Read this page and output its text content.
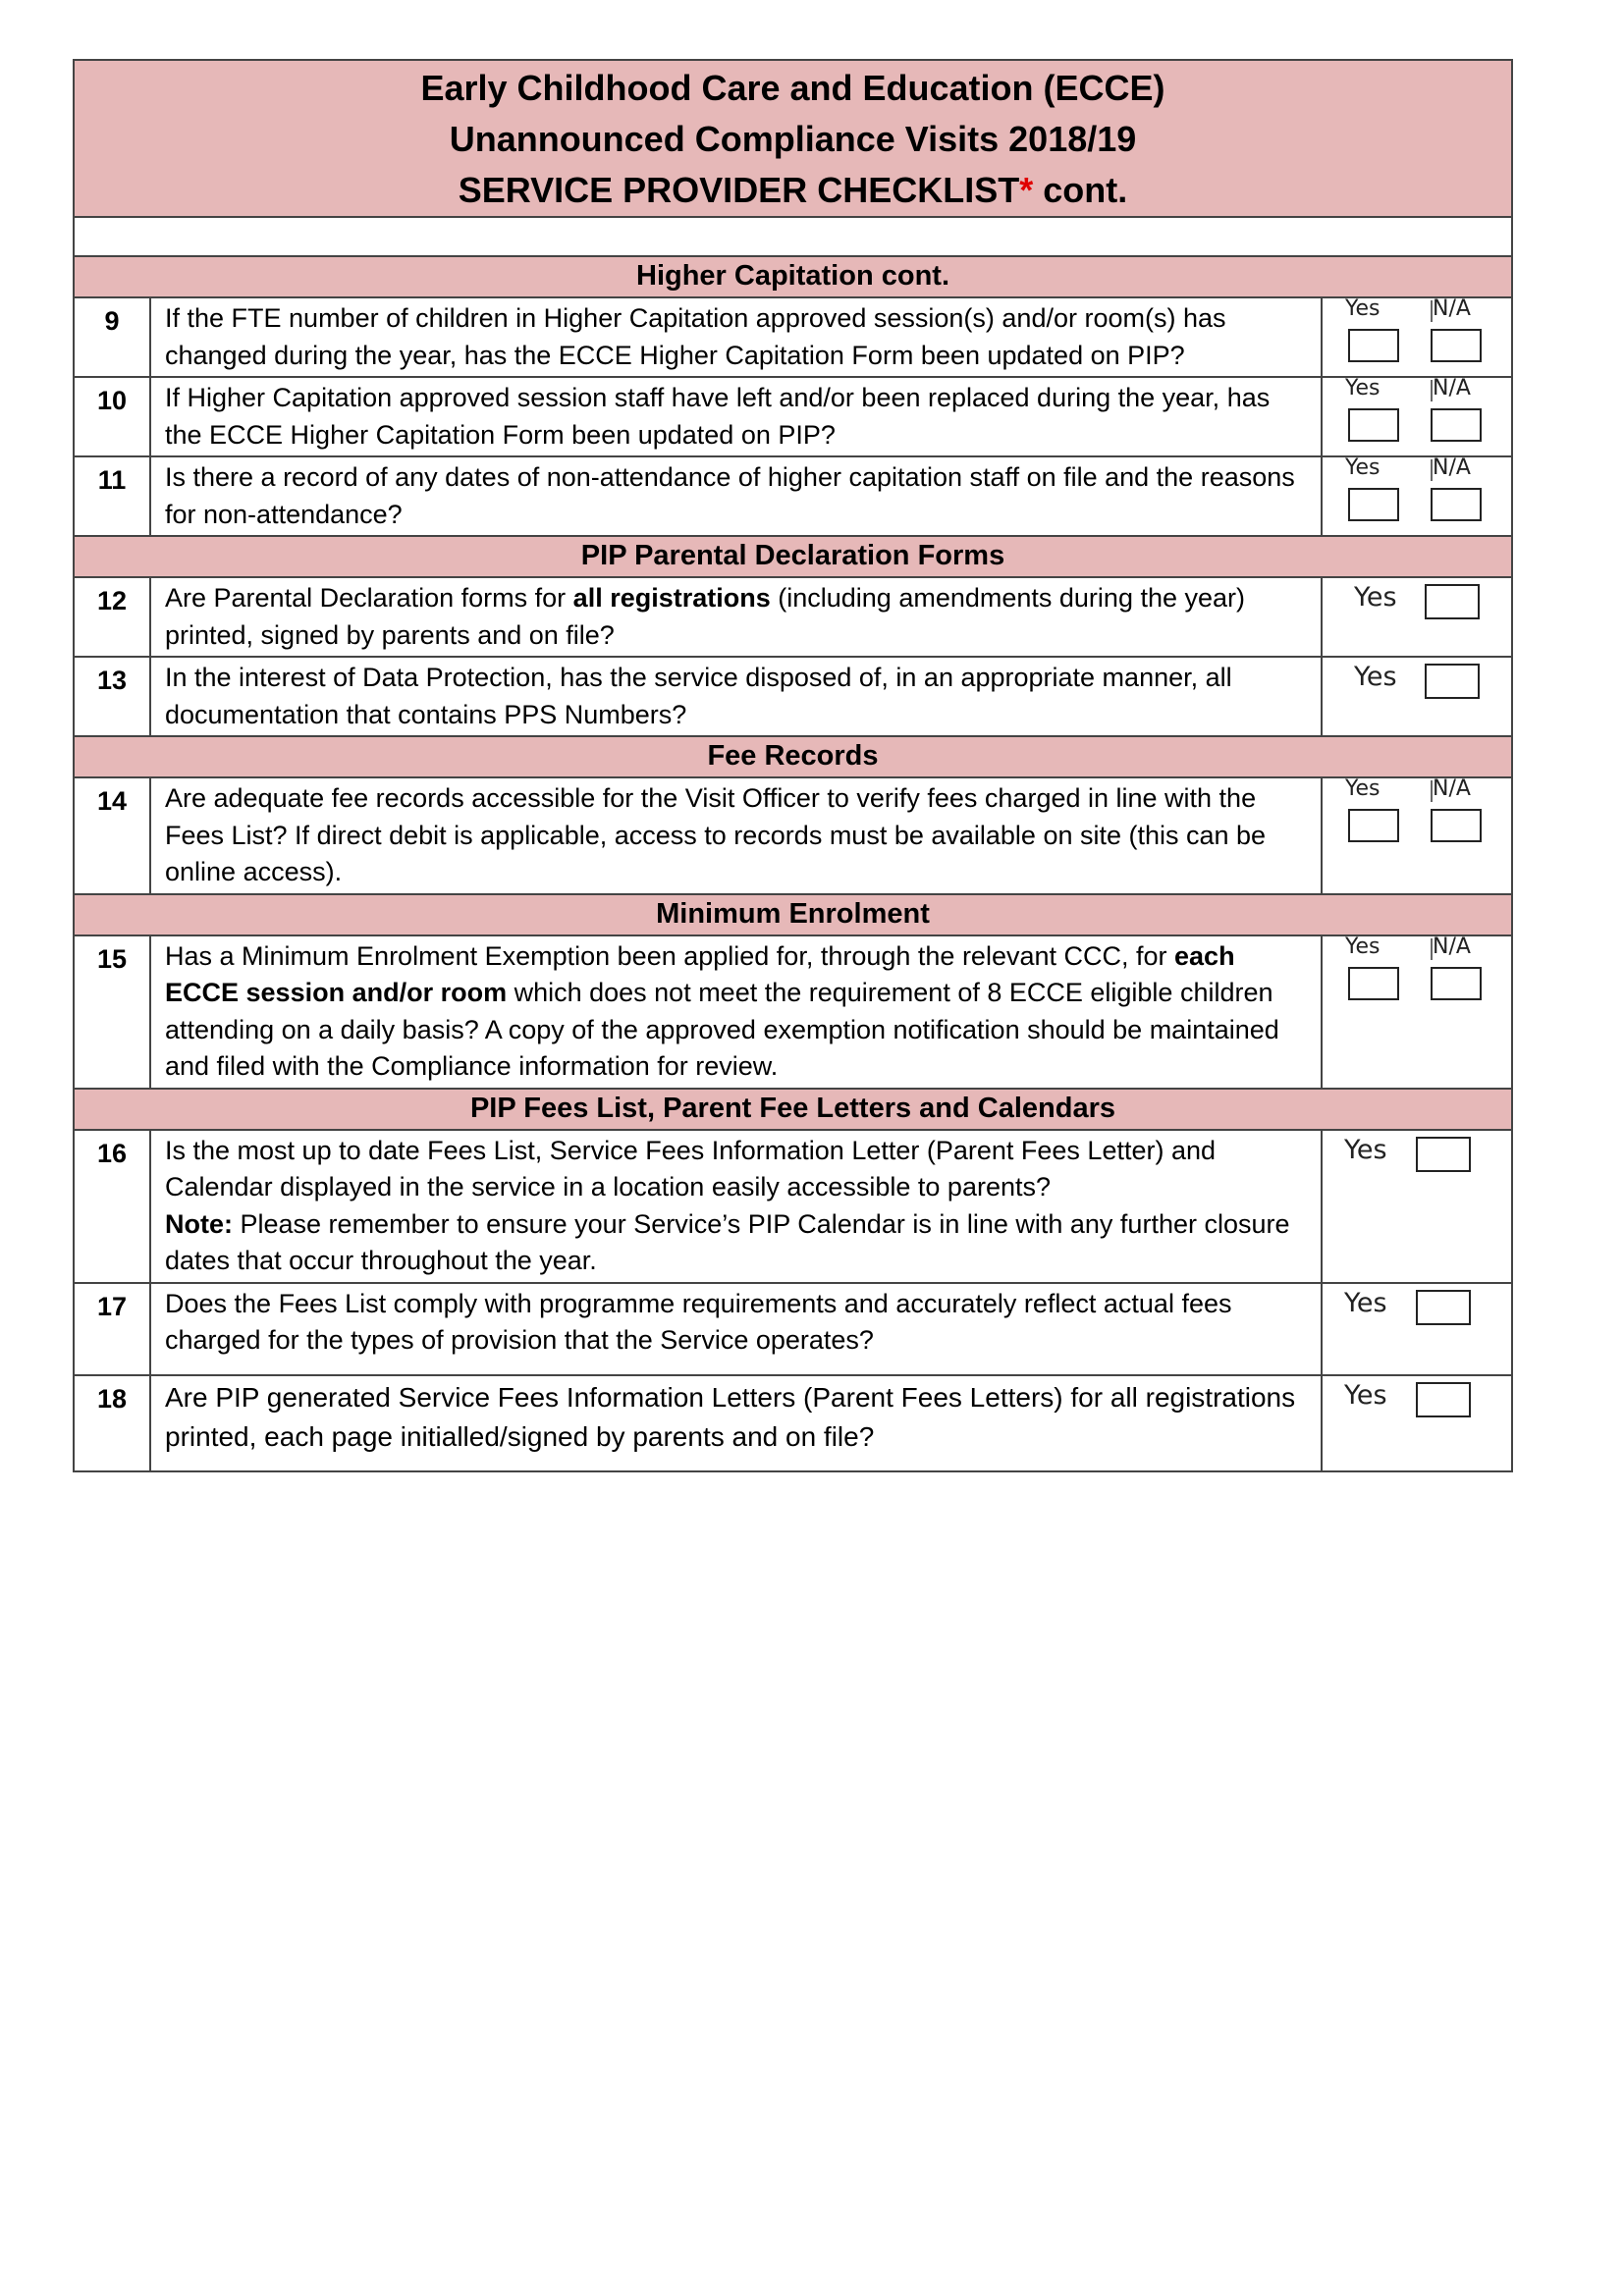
Early Childhood Care and Education (ECCE)
Unannounced Compliance Visits 2018/19
SERVICE PROVIDER CHECKLIST* cont.		

Higher Capitation cont.		
9	If the FTE number of children in Higher Capitation approved session(s) and/or room(s) has changed during the year, has the ECCE Higher Capitation Form been updated on PIP?	Yes N/A

10	If Higher Capitation approved session staff have left and/or been replaced during the year, has the ECCE Higher Capitation Form been updated on PIP?	Yes N/A

11	Is there a record of any dates of non-attendance of higher capitation staff on file and the reasons for non-attendance?	Yes N/A

PIP Parental Declaration Forms		
12	Are Parental Declaration forms for all registrations (including amendments during the year) printed, signed by parents and on file?	Yes

13	In the interest of Data Protection, has the service disposed of, in an appropriate manner, all documentation that contains PPS Numbers?	Yes

Fee Records		
14	Are adequate fee records accessible for the Visit Officer to verify fees charged in line with the Fees List? If direct debit is applicable, access to records must be available on site (this can be online access).	Yes N/A

Minimum Enrolment		
15	Has a Minimum Enrolment Exemption been applied for, through the relevant CCC, for each ECCE session and/or room which does not meet the requirement of 8 ECCE eligible children attending on a daily basis? A copy of the approved exemption notification should be maintained and filed with the Compliance information for review.	Yes N/A

PIP Fees List, Parent Fee Letters and Calendars		
16	Is the most up to date Fees List, Service Fees Information Letter (Parent Fees Letter) and Calendar displayed in the service in a location easily accessible to parents?
Note: Please remember to ensure your Service’s PIP Calendar is in line with any further closure dates that occur throughout the year.	Yes

17	Does the Fees List comply with programme requirements and accurately reflect actual fees charged for the types of provision that the Service operates?	Yes

18	Are PIP generated Service Fees Information Letters (Parent Fees Letters) for all registrations printed, each page initialled/signed by parents and on file?	Yes
